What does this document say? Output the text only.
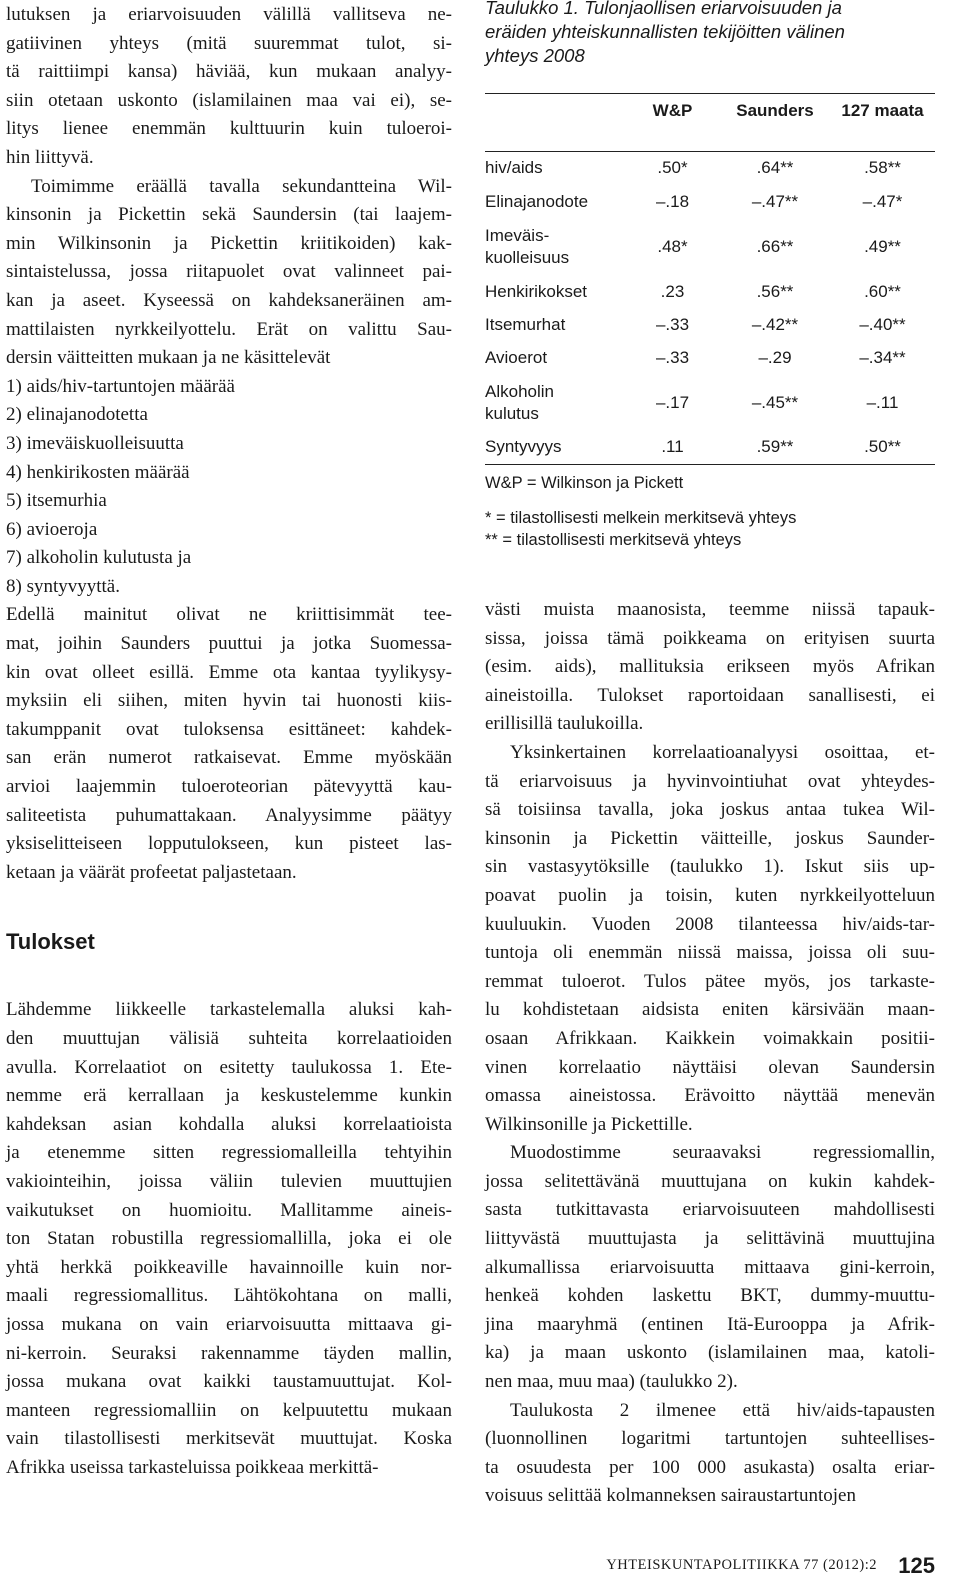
lutuksen ja eriarvoisuuden välillä vallitseva ne-
gatiivinen yhteys (mitä suuremmat tulot, si-
tä raittiimpi kansa) häviää, kun mukaan analyy-
siin otetaan uskonto (islamilainen maa vai ei), se-
litys lienee enemmän kulttuurin kuin tuloeroi-
hin liittyvä.
Toimimme eräällä tavalla sekundantteina Wil-
kinsonin ja Pickettin sekä Saundersin (tai laajem-
min Wilkinsonin ja Pickettin kriitikoiden) kak-
sintaistelussa, jossa riitapuolet ovat valinneet pai-
kan ja aseet. Kyseessä on kahdeksaneräinen am-
mattilaisten nyrkkeilyottelu. Erät on valittu Sau-
dersin väitteitten mukaan ja ne käsittelevät
1) aids/hiv-tartuntojen määrää
2) elinajanodotetta
3) imeväiskuolleisuutta
4) henkirikosten määrää
5) itsemurhia
6) avioeroja
7) alkoholin kulutusta ja
8) syntyvyyttä.
Edellä mainitut olivat ne kriittisimmät tee-
mat, joihin Saunders puuttui ja jotka Suomessa-
kin ovat olleet esillä. Emme ota kantaa tyylikysy-
myksiin eli siihen, miten hyvin tai huonosti kiis-
takumppanit ovat tuloksensa esittäneet: kahdek-
san erän numerot ratkaisevat. Emme myöskään
arvioi laajemmin tuloeroteorian pätevyyttä kau-
saliteetista puhumattakaan. Analyysimme päätyy
yksiselitteiseen lopputulokseen, kun pisteet las-
ketaan ja väärät profeetat paljastetaan.
Tulokset
Lähdemme liikkeelle tarkastelemalla aluksi kah-
den muuttujan välisiä suhteita korrelaatioiden
avulla. Korrelaatiot on esitetty taulukossa 1. Ete-
nemme erä kerrallaan ja keskustelemme kunkin
kahdeksan asian kohdalla aluksi korrelaatioista
ja etenemme sitten regressiomalleilla tehtyihin
vakiointeihin, joissa väliin tulevien muuttujien
vaikutukset on huomioitu. Mallitamme aineis-
ton Statan robustilla regressiomallilla, joka ei ole
yhtä herkkä poikkeaville havainnoille kuin nor-
maali regressiomallitus. Lähtökohtana on malli,
jossa mukana on vain eriarvoisuutta mittaava gi-
ni-kerroin. Seuraksi rakennamme täyden mallin,
jossa mukana ovat kaikki taustamuuttujat. Kol-
manteen regressiomalliin on kelpuutettu mukaan
vain tilastollisesti merkitsevät muuttujat. Koska
Afrikka useissa tarkasteluissa poikkeaa merkittä-
Taulukko 1. Tulonjaollisen eriarvoisuuden ja
eräiden yhteiskunnallisten tekijöitten välinen
yhteys 2008
	W&P	Saunders	127 maata
hiv/aids	.50*	.64**	.58**
Elinajanodote	–.18	–.47**	–.47*
Imeväis- kuolleisuus	.48*	.66**	.49**
Henkirikokset	.23	.56**	.60**
Itsemurhat	–.33	–.42**	–.40**
Avioerot	–.33	–.29	–.34**
Alkoholin kulutus	–.17	–.45**	–.11
Syntyvyys	.11	.59**	.50**
W&P = Wilkinson ja Pickett
* = tilastollisesti melkein merkitsevä yhteys
** = tilastollisesti merkitsevä yhteys
västi muista maanosista, teemme niissä tapauk-
sissa, joissa tämä poikkeama on erityisen suurta
(esim. aids), mallituksia erikseen myös Afrikan
aineistoilla. Tulokset raportoidaan sanallisesti, ei
erillisillä taulukoilla.
Yksinkertainen korrelaatioanalyysi osoittaa, et-
tä eriarvoisuus ja hyvinvointiuhat ovat yhteydes-
sä toisiinsa tavalla, joka joskus antaa tukea Wil-
kinsonin ja Pickettin väitteille, joskus Saunder-
sin vastasyytöksille (taulukko 1). Iskut siis up-
poavat puolin ja toisin, kuten nyrkkeilyotteluun
kuuluukin. Vuoden 2008 tilanteessa hiv/aids-tar-
tuntoja oli enemmän niissä maissa, joissa oli suu-
remmat tuloerot. Tulos pätee myös, jos tarkaste-
lu kohdistetaan aidsista eniten kärsivään maan-
osaan Afrikkaan. Kaikkein voimakkain positii-
vinen korrelaatio näyttäisi olevan Saundersin
omassa aineistossa. Erävoitto näyttää menevän
Wilkinsonille ja Pickettille.
Muodostimme seuraavaksi regressiomallin,
jossa selitettävänä muuttujana on kukin kahdek-
sasta tutkittavasta eriarvoisuuteen mahdollisesti
liittyvästä muuttujasta ja selittävinä muuttujina
alkumallissa eriarvoisuutta mittaava gini-kerroin,
henkeä kohden laskettu BKT, dummy-muuttu-
jina maaryhmä (entinen Itä-Eurooppa ja Afrik-
ka) ja maan uskonto (islamilainen maa, katoli-
nen maa, muu maa) (taulukko 2).
Taulukosta 2 ilmenee että hiv/aids-tapausten
(luonnollinen logaritmi tartuntojen suhteellises-
ta osuudesta per 100 000 asukasta) osalta eriar-
voisuus selittää kolmanneksen sairaustartuntojen
YHTEISKUNTAPOLITIIKKA 77 (2012):2 125
